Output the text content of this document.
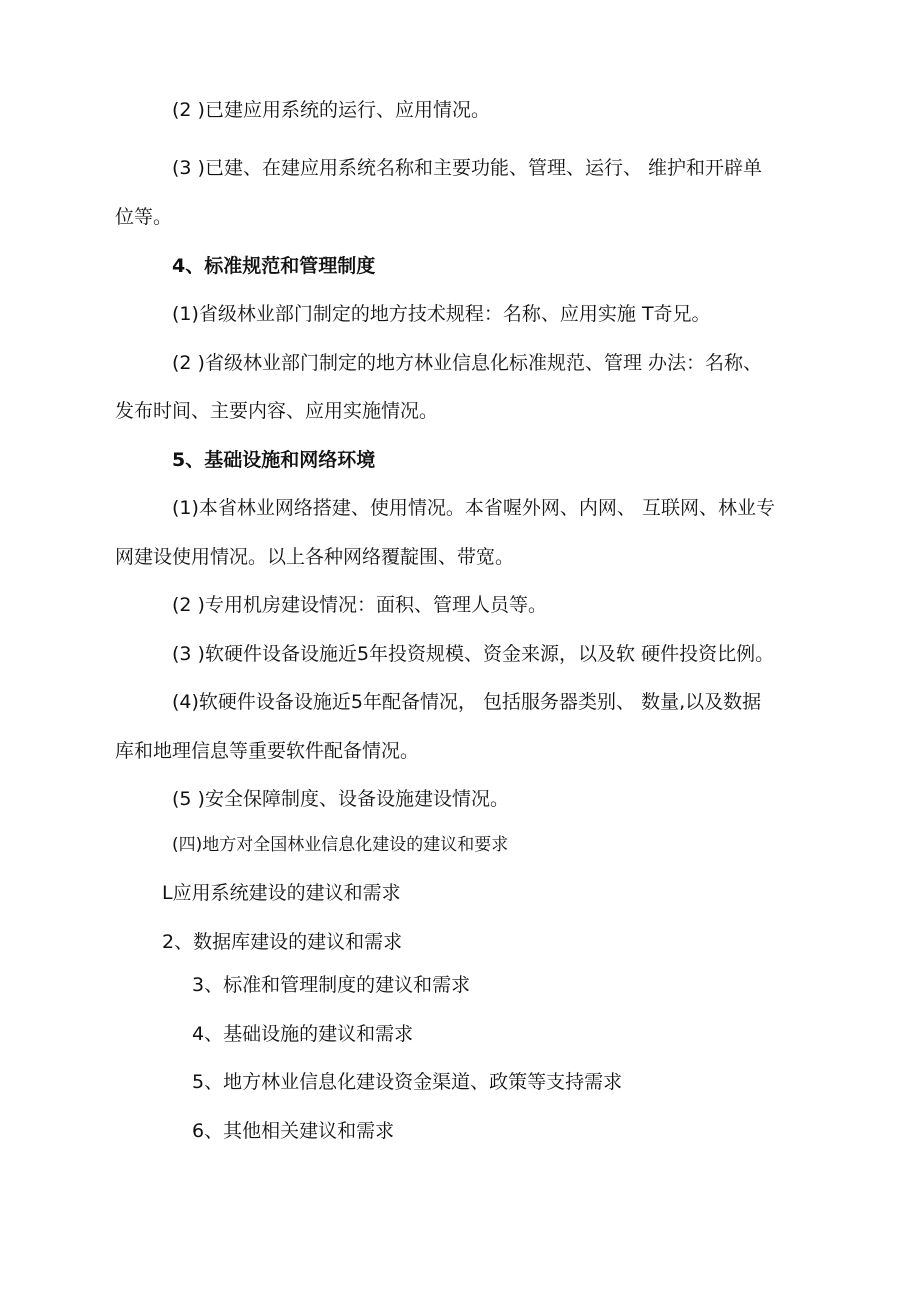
(2 )已建应用系统的运行、应用情况。
(3 )已建、在建应用系统名称和主要功能、管理、运行、 维护和开辟单
位等。
4、标准规范和管理制度
(1)省级林业部门制定的地方技术规程：名称、应用实施 T奇兄。
(2 )省级林业部门制定的地方林业信息化标准规范、管理 办法：名称、
发布时间、主要内容、应用实施情况。
5、基础设施和网络环境
(1)本省林业网络搭建、使用情况。本省喔外网、内网、 互联网、林业专
网建设使用情况。以上各种网络覆靛围、带宽。
(2 )专用机房建设情况：面积、管理人员等。
(3 )软硬件设备设施近5年投资规模、资金来源，以及软 硬件投资比例。
(4)软硬件设备设施近5年配备情况， 包括服务器类别、 数量,以及数据
库和地理信息等重要软件配备情况。
(5 )安全保障制度、设备设施建设情况。
(四)地方对全国林业信息化建设的建议和要求
L应用系统建设的建议和需求
2、数据库建设的建议和需求
3、标准和管理制度的建议和需求
4、基础设施的建议和需求
5、地方林业信息化建设资金渠道、政策等支持需求
6、其他相关建议和需求
